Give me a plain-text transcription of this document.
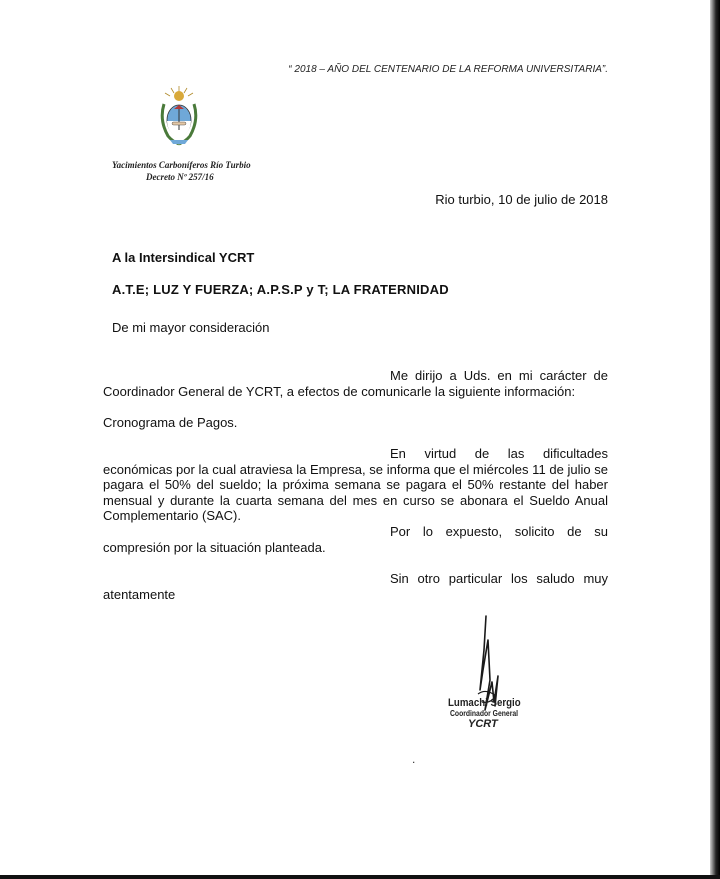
“ 2018 – AÑO DEL CENTENARIO DE LA REFORMA UNIVERSITARIA”.
Yacimientos Carboníferos Río Turbio
Decreto Nº 257/16
Rio turbio, 10 de julio de 2018
A la Intersindical YCRT
A.T.E; LUZ Y FUERZA; A.P.S.P y T; LA FRATERNIDAD
De mi mayor consideración
Me dirijo a Uds. en mi carácter de Coordinador General de YCRT, a efectos de comunicarle la siguiente información:
Cronograma de Pagos.
En virtud de las dificultades económicas por la cual atraviesa la Empresa, se informa que el miércoles 11 de julio se pagara el 50% del sueldo; la próxima semana se pagara el 50% restante del haber mensual y durante la cuarta semana del mes en curso se abonara el Sueldo Anual Complementario (SAC).
Por lo expuesto, solicito de su compresión por la situación planteada.
Sin otro particular los saludo muy atentamente
Lumachi Sergio
Coordinador General
YCRT
.
